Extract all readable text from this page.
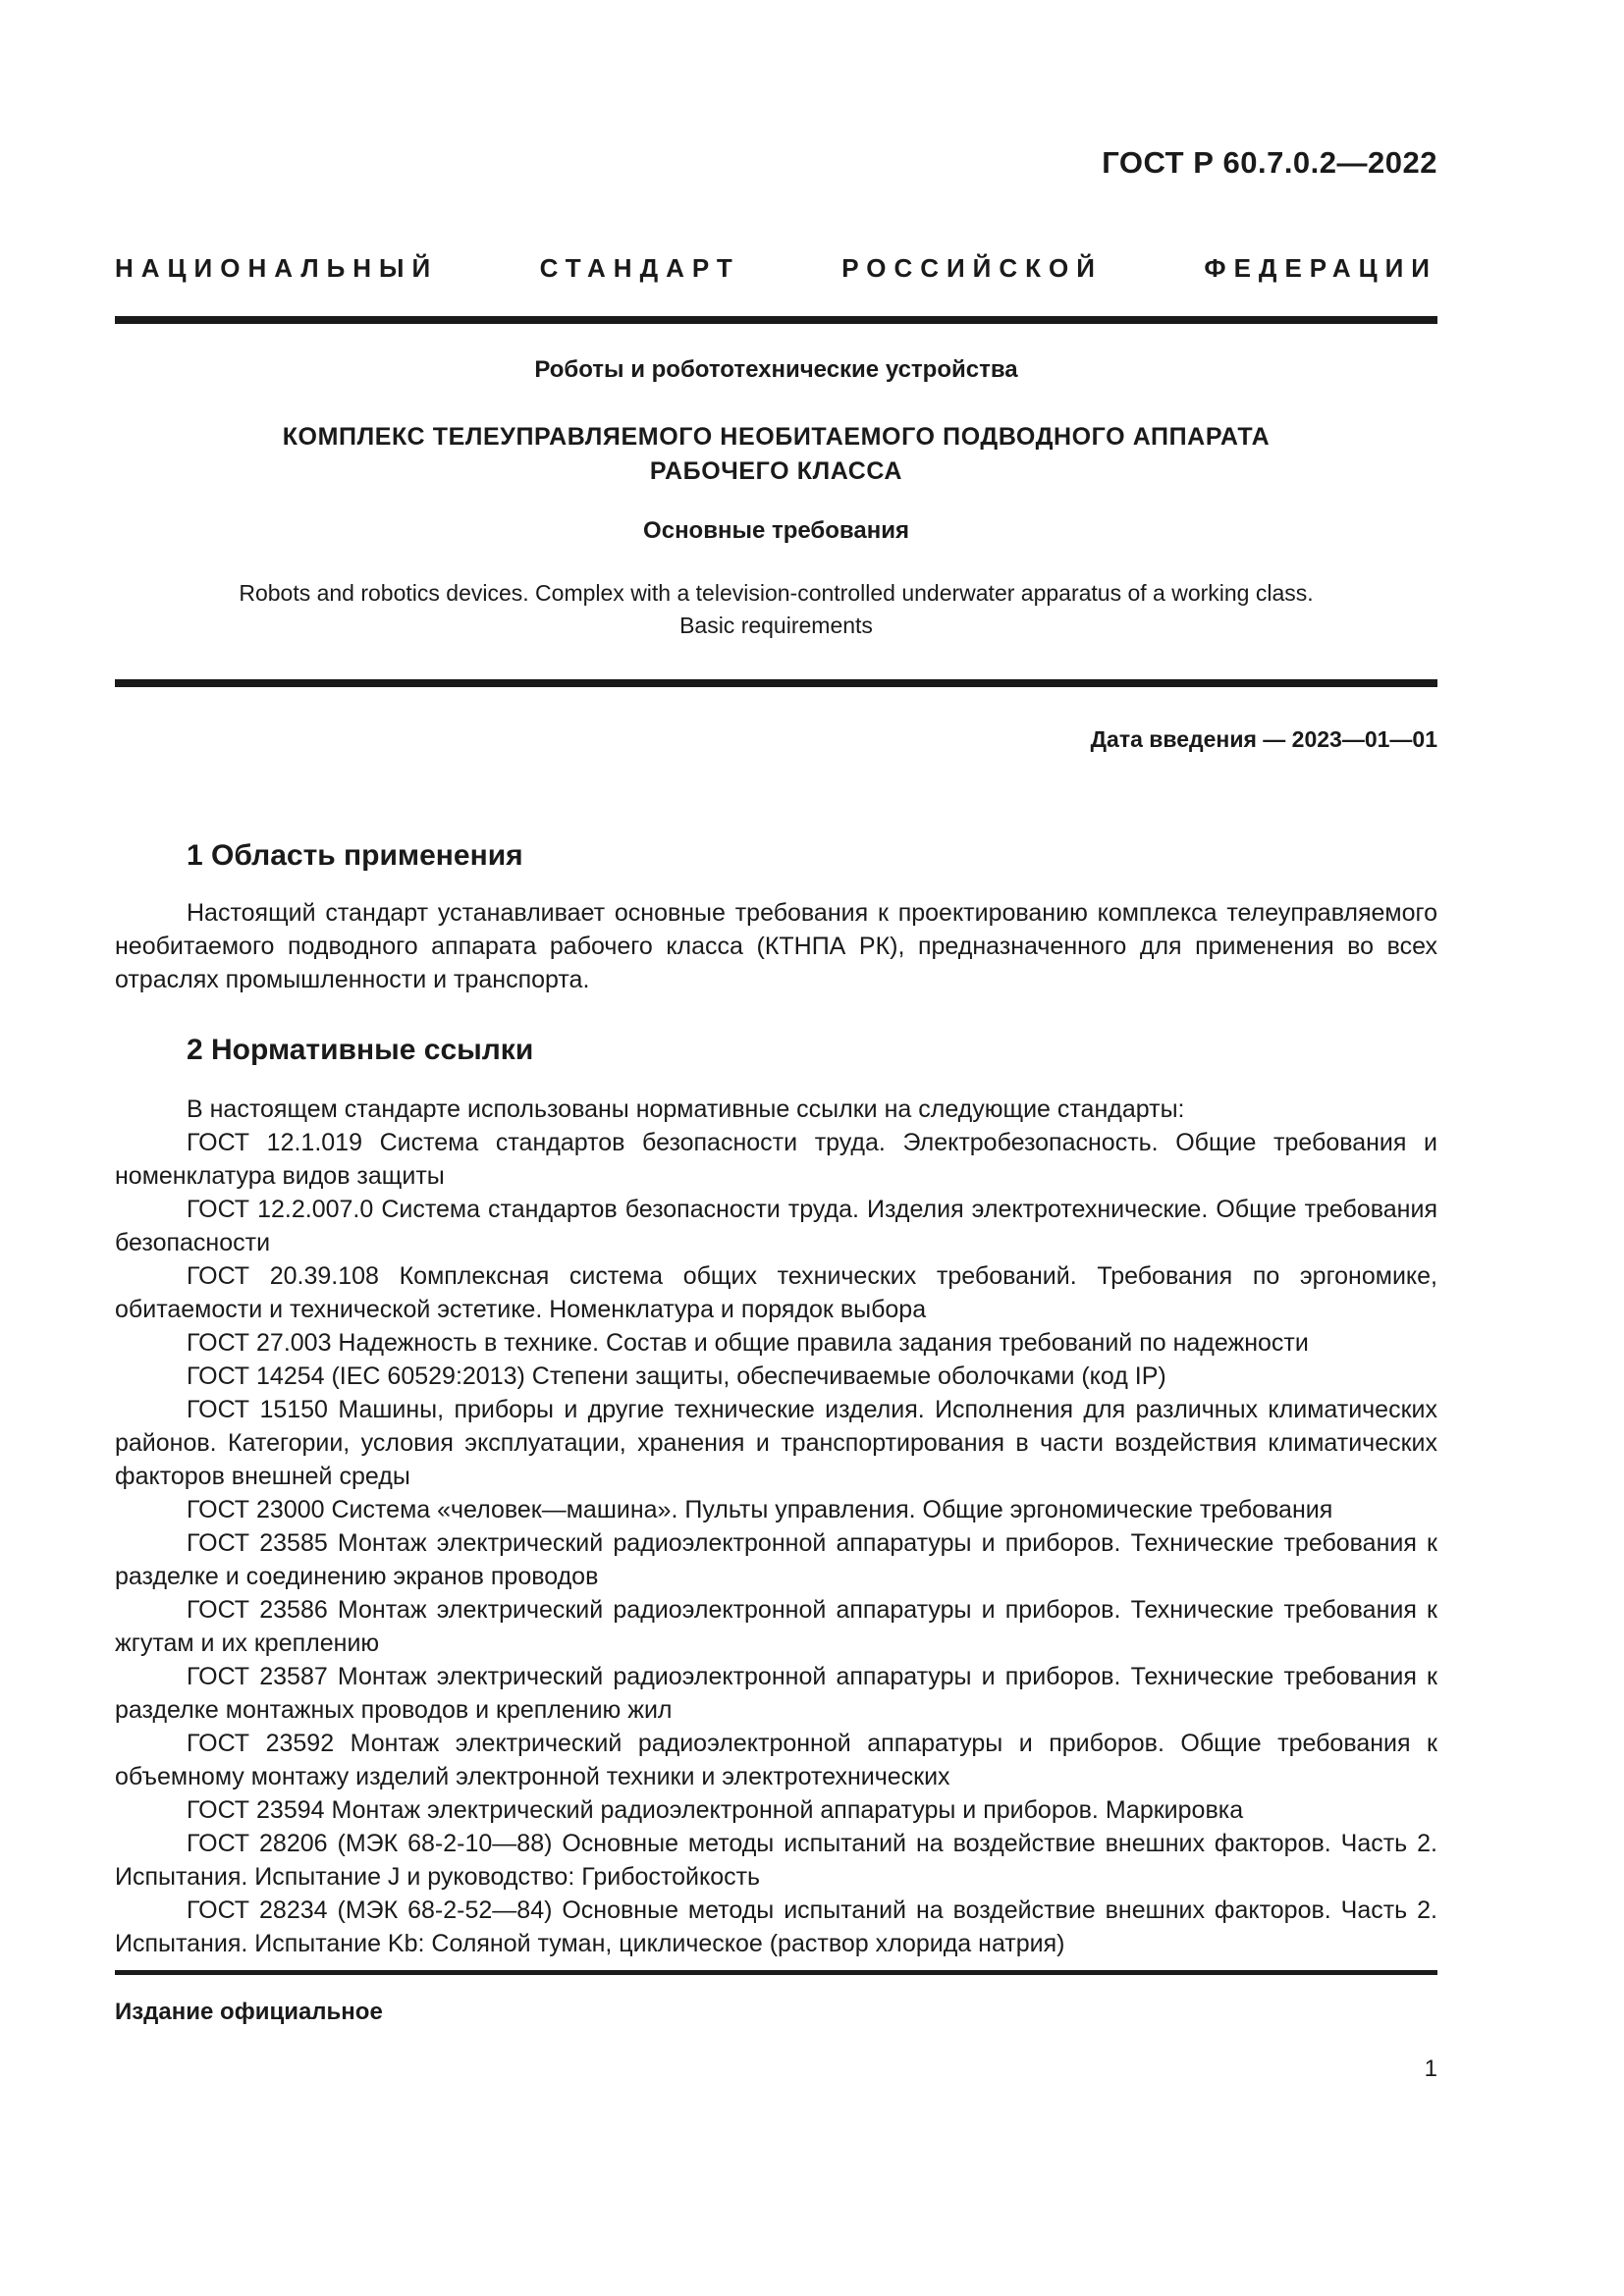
ГОСТ Р 60.7.0.2—2022
НАЦИОНАЛЬНЫЙ СТАНДАРТ РОССИЙСКОЙ ФЕДЕРАЦИИ
Роботы и робототехнические устройства
КОМПЛЕКС ТЕЛЕУПРАВЛЯЕМОГО НЕОБИТАЕМОГО ПОДВОДНОГО АППАРАТА
РАБОЧЕГО КЛАССА
Основные требования
Robots and robotics devices. Complex with a television-controlled underwater apparatus of a working class.
Basic requirements
Дата введения — 2023—01—01
1 Область применения

Настоящий стандарт устанавливает основные требования к проектированию комплекса телеуправляемого необитаемого подводного аппарата рабочего класса (КТНПА РК), предназначенного для применения во всех отраслях промышленности и транспорта.

2 Нормативные ссылки

В настоящем стандарте использованы нормативные ссылки на следующие стандарты:

ГОСТ 12.1.019 Система стандартов безопасности труда. Электробезопасность. Общие требования и номенклатура видов защиты

ГОСТ 12.2.007.0 Система стандартов безопасности труда. Изделия электротехнические. Общие требования безопасности

ГОСТ 20.39.108 Комплексная система общих технических требований. Требования по эргономике, обитаемости и технической эстетике. Номенклатура и порядок выбора

ГОСТ 27.003 Надежность в технике. Состав и общие правила задания требований по надежности

ГОСТ 14254 (IEC 60529:2013) Степени защиты, обеспечиваемые оболочками (код IP)

ГОСТ 15150 Машины, приборы и другие технические изделия. Исполнения для различных климатических районов. Категории, условия эксплуатации, хранения и транспортирования в части воздействия климатических факторов внешней среды

ГОСТ 23000 Система «человек—машина». Пульты управления. Общие эргономические требования

ГОСТ 23585 Монтаж электрический радиоэлектронной аппаратуры и приборов. Технические требования к разделке и соединению экранов проводов

ГОСТ 23586 Монтаж электрический радиоэлектронной аппаратуры и приборов. Технические требования к жгутам и их креплению

ГОСТ 23587 Монтаж электрический радиоэлектронной аппаратуры и приборов. Технические требования к разделке монтажных проводов и креплению жил

ГОСТ 23592 Монтаж электрический радиоэлектронной аппаратуры и приборов. Общие требования к объемному монтажу изделий электронной техники и электротехнических

ГОСТ 23594 Монтаж электрический радиоэлектронной аппаратуры и приборов. Маркировка

ГОСТ 28206 (МЭК 68-2-10—88) Основные методы испытаний на воздействие внешних факторов. Часть 2. Испытания. Испытание J и руководство: Грибостойкость

ГОСТ 28234 (МЭК 68-2-52—84) Основные методы испытаний на воздействие внешних факторов. Часть 2. Испытания. Испытание Kb: Соляной туман, циклическое (раствор хлорида натрия)

Издание официальное
1
